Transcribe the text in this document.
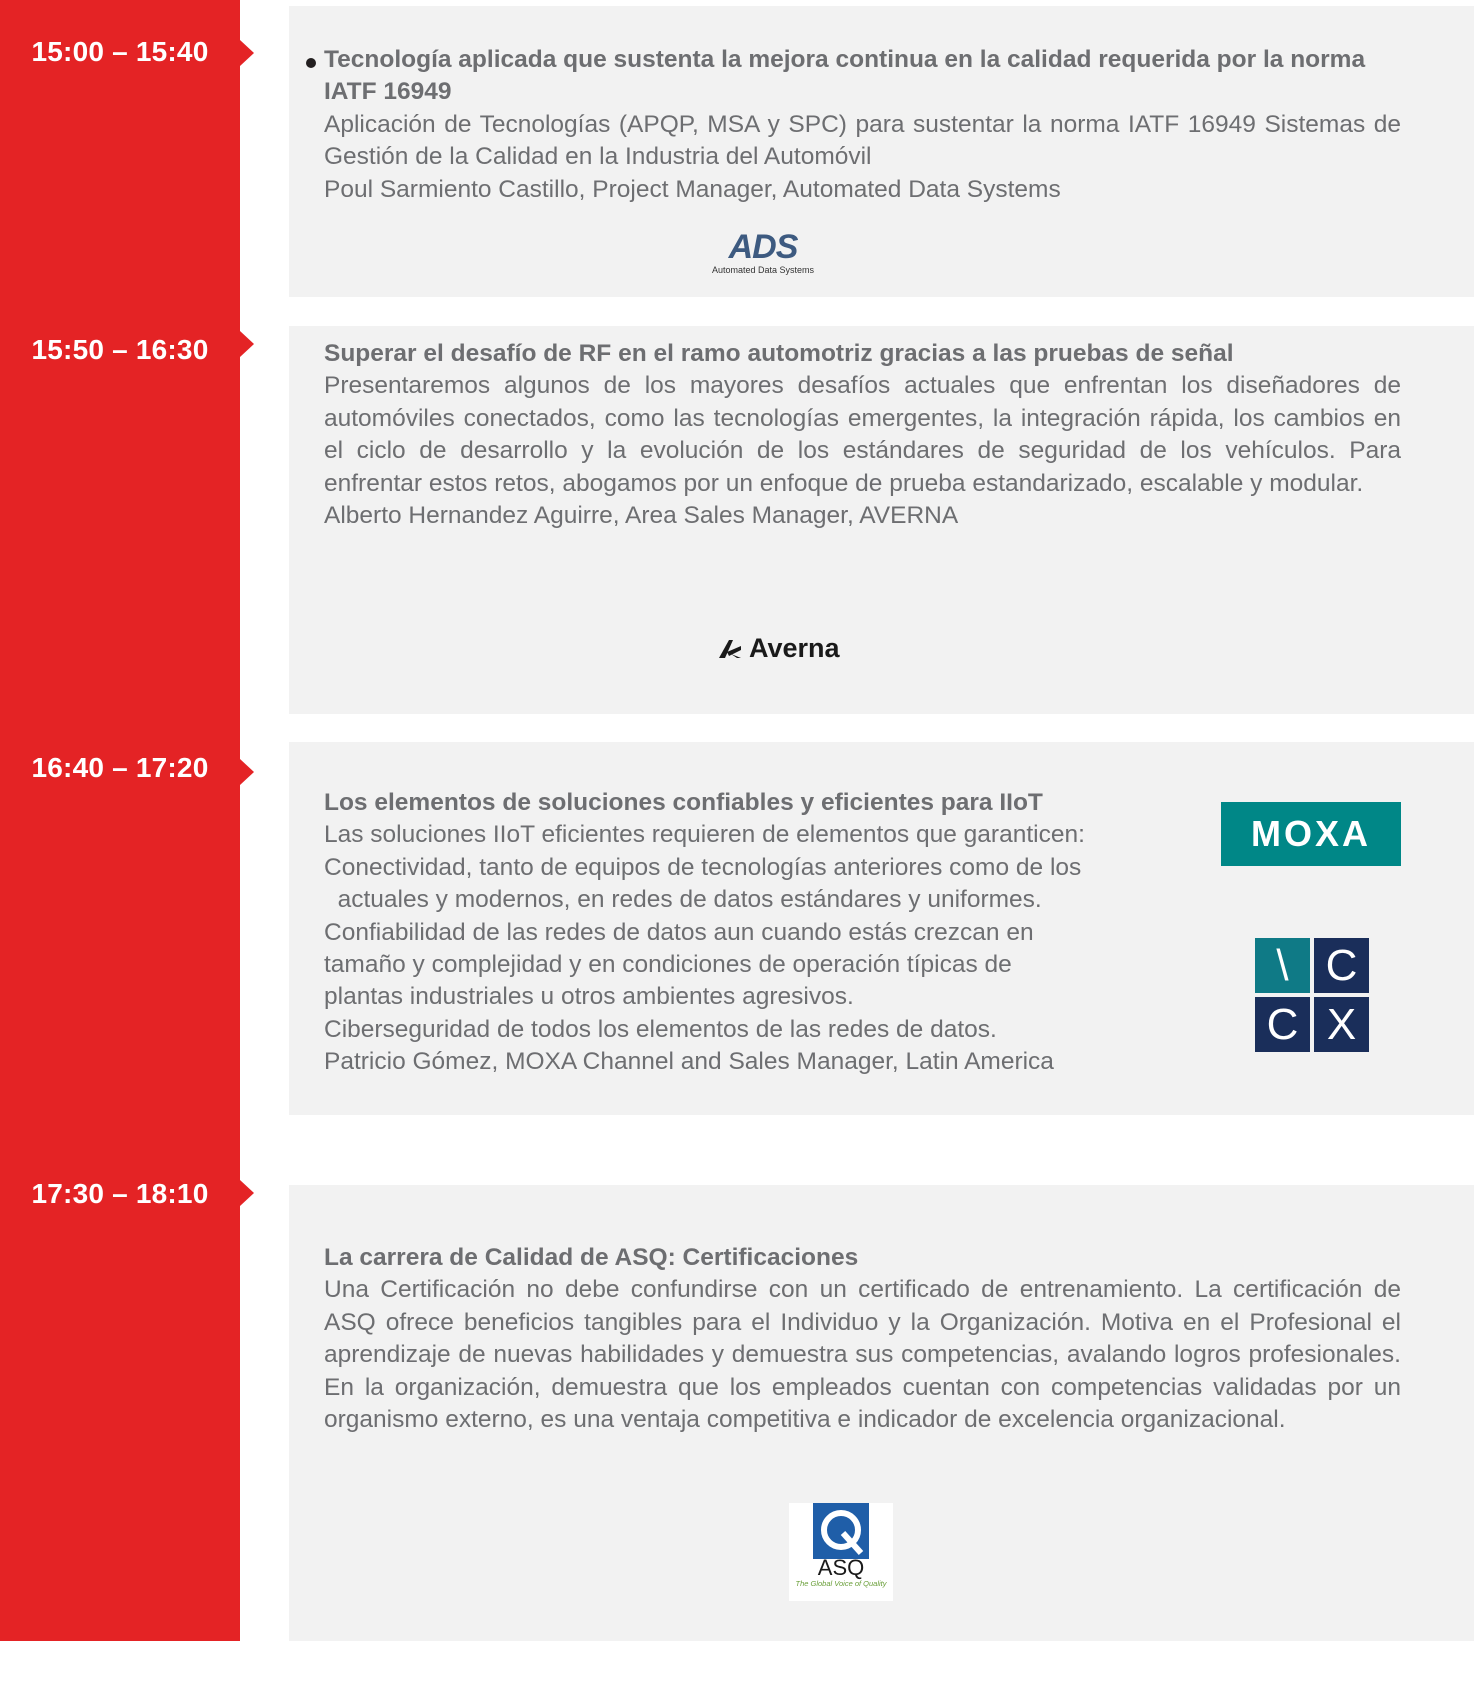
15:00 – 15:40	Tecnología aplicada que sustenta la mejora continua en la calidad requerida por la norma IATF 16949
Aplicación de Tecnologías (APQP, MSA y SPC) para sustentar la norma IATF 16949 Sistemas de Gestión de la Calidad en la Industria del Automóvil
Poul Sarmiento Castillo, Project Manager, Automated Data Systems
ADS
Automated Data Systems
15:50 – 16:30	Superar el desafío de RF en el ramo automotriz gracias a las pruebas de señal
Presentaremos algunos de los mayores desafíos actuales que enfrentan los diseñadores de automóviles conectados, como las tecnologías emergentes, la integración rápida, los cambios en el ciclo de desarrollo y la evolución de los estándares de seguridad de los vehículos. Para enfrentar estos retos, abogamos por un enfoque de prueba estandarizado, escalable y modular.
Alberto Hernandez Aguirre, Area Sales Manager, AVERNA
Averna
16:40 – 17:20
Los elementos de soluciones confiables y eficientes para IIoT
Las soluciones IIoT eficientes requieren de elementos que garanticen:
Conectividad, tanto de equipos de tecnologías anteriores como de los
actuales y modernos, en redes de datos estándares y uniformes.
Confiabilidad de las redes de datos aun cuando estás crezcan en
tamaño y complejidad y en condiciones de operación típicas de
plantas industriales u otros ambientes agresivos.
Ciberseguridad de todos los elementos de las redes de datos.
Patricio Gómez, MOXA Channel and Sales Manager, Latin America
MOXA
\ C
C X
17:30 – 18:10
La carrera de Calidad de ASQ: Certificaciones
Una Certificación no debe confundirse con un certificado de entrenamiento. La certificación de ASQ ofrece beneficios tangibles para el Individuo y la Organización. Motiva en el Profesional el aprendizaje de nuevas habilidades y demuestra sus competencias, avalando logros profesionales. En la organización, demuestra que los empleados cuentan con competencias validadas por un organismo externo, es una ventaja competitiva e indicador de excelencia organizacional.
ASQ
The Global Voice of Quality
